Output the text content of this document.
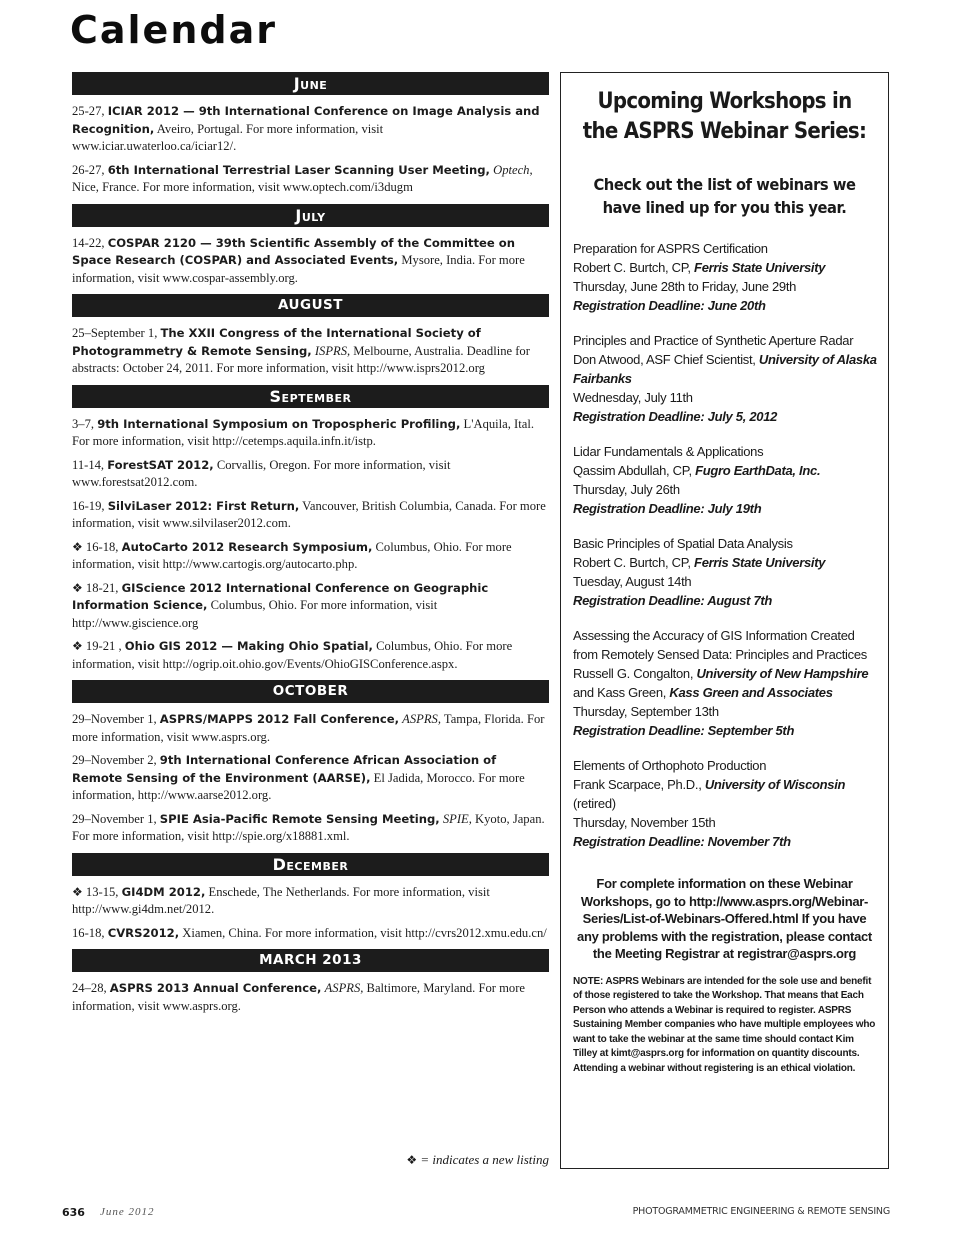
Calendar
June

25-27, ICIAR 2012 — 9th International Conference on Image Analysis and Recognition, Aveiro, Portugal. For more information, visit www.iciar.uwaterloo.ca/iciar12/.

26-27, 6th International Terrestrial Laser Scanning User Meeting, Optech, Nice, France. For more information, visit www.optech.com/i3dugm

July

14-22, COSPAR 2120 — 39th Scientific Assembly of the Committee on Space Research (COSPAR) and Associated Events, Mysore, India. For more information, visit www.cospar-assembly.org.

AUGUST

25–September 1, The XXII Congress of the International Society of Photogrammetry & Remote Sensing, ISPRS, Melbourne, Australia. Deadline for abstracts: October 24, 2011. For more information, visit http://www.isprs2012.org

September

3–7, 9th International Symposium on Tropospheric Profiling, L'Aquila, Ital. For more information, visit http://cetemps.aquila.infn.it/istp.

11-14, ForestSAT 2012, Corvallis, Oregon. For more information, visit www.forestsat2012.com.

16-19, SilviLaser 2012: First Return, Vancouver, British Columbia, Canada. For more information, visit www.silvilaser2012.com.

❖ 16-18, AutoCarto 2012 Research Symposium, Columbus, Ohio. For more information, visit http://www.cartogis.org/autocarto.php.

❖ 18-21, GIScience 2012 International Conference on Geographic Information Science, Columbus, Ohio. For more information, visit http://www.giscience.org

❖ 19-21 , Ohio GIS 2012 — Making Ohio Spatial, Columbus, Ohio. For more information, visit http://ogrip.oit.ohio.gov/Events/OhioGISConference.aspx.

OCTOBER

29–November 1, ASPRS/MAPPS 2012 Fall Conference, ASPRS, Tampa, Florida. For more information, visit www.asprs.org.

29–November 2, 9th International Conference African Association of Remote Sensing of the Environment (AARSE), El Jadida, Morocco. For more information, http://www.aarse2012.org.

29–November 1, SPIE Asia-Pacific Remote Sensing Meeting, SPIE, Kyoto, Japan. For more information, visit http://spie.org/x18881.xml.

December

❖ 13-15, GI4DM 2012, Enschede, The Netherlands. For more information, visit http://www.gi4dm.net/2012.

16-18, CVRS2012, Xiamen, China. For more information, visit http://cvrs2012.xmu.edu.cn/

MARCH 2013

24–28, ASPRS 2013 Annual Conference, ASPRS, Baltimore, Maryland. For more information, visit www.asprs.org.

❖ = indicates a new listing
Upcoming Workshops in the ASPRS Webinar Series:
Check out the list of webinars we have lined up for you this year.
Preparation for ASPRS Certification
Robert C. Burtch, CP, Ferris State University
Thursday, June 28th to Friday, June 29th
Registration Deadline: June 20th
Principles and Practice of Synthetic Aperture Radar
Don Atwood, ASF Chief Scientist, University of Alaska Fairbanks
Wednesday, July 11th
Registration Deadline: July 5, 2012
Lidar Fundamentals & Applications
Qassim Abdullah, CP, Fugro EarthData, Inc.
Thursday, July 26th
Registration Deadline: July 19th
Basic Principles of Spatial Data Analysis
Robert C. Burtch, CP, Ferris State University
Tuesday, August 14th
Registration Deadline: August 7th
Assessing the Accuracy of GIS Information Created from Remotely Sensed Data: Principles and Practices
Russell G. Congalton, University of New Hampshire
and Kass Green, Kass Green and Associates
Thursday, September 13th
Registration Deadline: September 5th
Elements of Orthophoto Production
Frank Scarpace, Ph.D., University of Wisconsin
(retired)
Thursday, November 15th
Registration Deadline: November 7th
For complete information on these Webinar Workshops, go to http://www.asprs.org/Webinar-Series/List-of-Webinars-Offered.html If you have any problems with the registration, please contact the Meeting Registrar at registrar@asprs.org
NOTE: ASPRS Webinars are intended for the sole use and benefit of those registered to take the Workshop. That means that Each Person who attends a Webinar is required to register. ASPRS Sustaining Member companies who have multiple employees who want to take the webinar at the same time should contact Kim Tilley at kimt@asprs.org for information on quantity discounts. Attending a webinar without registering is an ethical violation.
636 June 2012	PHOTOGRAMMETRIC ENGINEERING & REMOTE SENSING
